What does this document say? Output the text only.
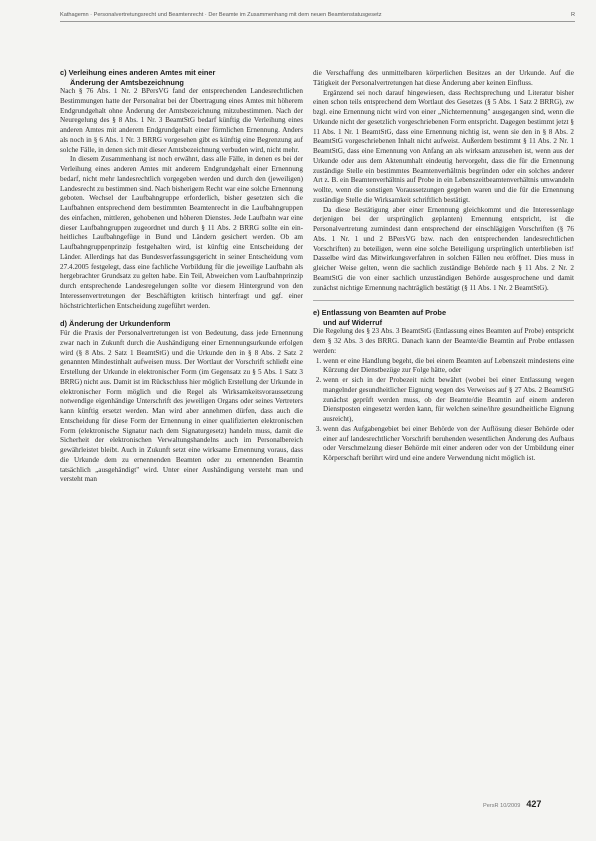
Kathagemn · Personalvertretungsrecht und Beamtenrecht · Der Beamte im Zusammenhang mit dem neuen Beamtenstatusgesetz	R
c) Verleihung eines anderen Amtes mit einer
Änderung der Amtsbezeichnung

Nach § 76 Abs. 1 Nr. 2 BPersVG fand der entsprechenden Landesrechtlichen Bestimmungen hatte der Personalrat bei der Übertragung eines Amtes mit höherem Endgrundgehalt ohne Änderung der Amtsbezeichnung mitzubestimmen. Nach der Neuregelung des § 8 Abs. 1 Nr. 3 BeamtStG bedarf künftig die Verleihung eines anderen Amtes mit anderem Endgrundgehalt einer förmlichen Ernennung. Anders als noch in § 6 Abs. 1 Nr. 3 BRRG vorgesehen gibt es künftig eine Begrenzung auf solche Fälle, in denen sich mit dieser Amtsbezeichnung verbuden wird, nicht mehr.

In diesem Zusammenhang ist noch erwähnt, dass alle Fälle, in denen es bei der Verleihung eines anderen Amtes mit anderem Endgrundgehalt einer Ernennung bedarf, nicht mehr landesrechtlich vorgegeben werden und durch den (jeweiligen) Landesrecht zu bestimmen sind. Nach bisherigem Recht war eine solche Ernennung geboten. Wechsel der Laufbahngruppe erforderlich, bisher gesetzten sich die Laufbahnen entsprechend dem bestimmten Beamtenrecht in die Laufbahngruppen des einfachen, mittleren, gehobenen und höheren Dienstes. Jede Laufbahn war eine dieser Laufbahngruppen zugeordnet und durch § 11 Abs. 2 BRRG sollte ein einheitliches Laufbahngefüge in Bund und Ländern gesichert werden. Ob am Laufbahngruppenprinzip festgehalten wird, ist künftig eine Entscheidung der Länder. Allerdings hat das Bundesverfassungsgericht in seiner Entscheidung vom 27.4.2005 festgelegt, dass eine fachliche Vorbildung für die jeweilige Laufbahn als hergebrachter Grundsatz zu gelten habe. Ein Teil, Abweichen vom Laufbahnprinzip durch entsprechende Landesregelungen sollte vor diesem Hintergrund von den Interessenvertretungen der Beschäftigten kritisch hinterfragt und ggf. einer höchstrichterlichen Entscheidung zugeführt werden.

d) Änderung der Urkundenform

Für die Praxis der Personalvertretungen ist von Bedeutung, dass jede Ernennung zwar nach in Zukunft durch die Aushändigung einer Ernennungsurkunde erfolgen wird (§ 8 Abs. 2 Satz 1 BeamtStG) und die Urkunde den in § 8 Abs. 2 Satz 2 genannten Mindestinhalt aufweisen muss. Der Wortlaut der Vorschrift schließt eine Erstellung der Urkunde in elektronischer Form (im Gegensatz zu § 5 Abs. 1 Satz 3 BRRG) nicht aus. Damit ist im Rückschluss hier möglich Erstellung der Urkunde in elektronischer Form möglich und die Regel als Wirksamkeitsvoraussetzung notwendige eigenhändige Unterschrift des jeweiligen Organs oder seines Vertreters kann künftig ersetzt werden. Man wird aber annehmen dürfen, dass auch die Entscheidung für diese Form der Ernennung in einer qualifizierten elektronischen Form (elektronische Signatur nach dem Signaturgesetz) handeln muss, damit die Sicherheit der elektronischen Verwaltungshandelns auch im Personalbereich gewährleistet bleibt. Auch in Zukunft setzt eine wirksame Ernennung voraus, dass die Urkunde dem zu ernennenden Beamten oder zu ernennenden Beamtin tatsächlich „ausgehändigt" wird. Unter einer Aushändigung versteht man und versteht man

die Verschaffung des unmittelbaren körperlichen Besitzes an der Urkunde. Auf die Tätigkeit der Personalvertretungen hat diese Änderung aber keinen Einfluss.

Ergänzend sei noch darauf hingewiesen, dass Rechtsprechung und Literatur bisher einen schon teils entsprechend dem Wortlaut des Gesetzes (§ 5 Abs. 1 Satz 2 BRRG), zw bzgl. eine Ernennung nicht wird von einer „Nichternennung" ausgegangen sind, wenn die Urkunde nicht der gesetzlich vorgeschriebenen Form entspricht. Dagegen bestimmt jetzt § 11 Abs. 1 Nr. 1 BeamtStG, dass eine Ernennung nichtig ist, wenn sie den in § 8 Abs. 2 BeamtStG vorgeschriebenen Inhalt nicht aufweist. Außerdem bestimmt § 11 Abs. 2 Nr. 1 BeamtStG, dass eine Ernennung von Anfang an als wirksam anzusehen ist, wenn aus der Urkunde oder aus dem Aktenumhalt eindeutig hervorgeht, dass die für die Ernennung zuständige Stelle ein bestimmtes Beamtenverhältnis begründen oder ein solches anderer Art z. B. ein Beamtenverhältnis auf Probe in ein Lebenszeitbeamtenverhältnis umwandeln wollte, wenn die sonstigen Voraussetzungen gegeben waren und die für die Ernennung zuständige Stelle die Wirksamkeit schriftlich bestätigt.

Da diese Bestätigung aber einer Ernennung gleichkommt und die Interessenlage derjenigen bei der ursprünglich geplanten) Ernennung entspricht, ist die Personalvertretung zumindest dann entsprechend der einschlägigen Vorschriften (§ 76 Abs. 1 Nr. 1 und 2 BPersVG bzw. nach den entsprechenden landesrechtlichen Vorschriften) zu beteiligen, wenn eine solche Beteiligung ursprünglich unterblieben ist! Dasselbe wird das Mitwirkungsverfahren in solchen Fällen neu eröffnet. Dies muss in gleicher Weise gelten, wenn die sachlich zuständige Behörde nach § 11 Abs. 2 Nr. 2 BeamtStG die von einer sachlich unzuständigen Behörde ausgesprochene und damit zunächst nichtige Ernennung nachträglich bestätigt (§ 11 Abs. 1 Nr. 2 BeamtStG).

e) Entlassung von Beamten auf Probe
und auf Widerruf

Die Regelung des § 23 Abs. 3 BeamtStG (Entlassung eines Beamten auf Probe) entspricht dem § 32 Abs. 3 des BRRG. Danach kann der Beamte/die Beamtin auf Probe entlassen werden:

1. wenn er eine Handlung begeht, die bei einem Beamten auf Lebenszeit mindestens eine Kürzung der Dienstbezüge zur Folge hätte, oder
2. wenn er sich in der Probezeit nicht bewährt (wobei bei einer Entlassung wegen mangelnder gesundheitlicher Eignung wegen des Verweises auf § 27 Abs. 2 BeamtStG zunächst geprüft werden muss, ob der Beamte/die Beamtin auf einem anderen Dienstposten eingesetzt werden kann, für welchen seine/ihre gesundheitliche Eignung ausreicht),
3. wenn das Aufgabengebiet bei einer Behörde von der Auflösung dieser Behörde oder einer auf landesrechtlicher Vorschrift beruhenden wesentlichen Änderung des Aufbaus oder Verschmelzung dieser Behörde mit einer anderen oder von der Umbildung einer Körperschaft berührt wird und eine andere Verwendung nicht möglich ist.
PersR 10/2009 427
